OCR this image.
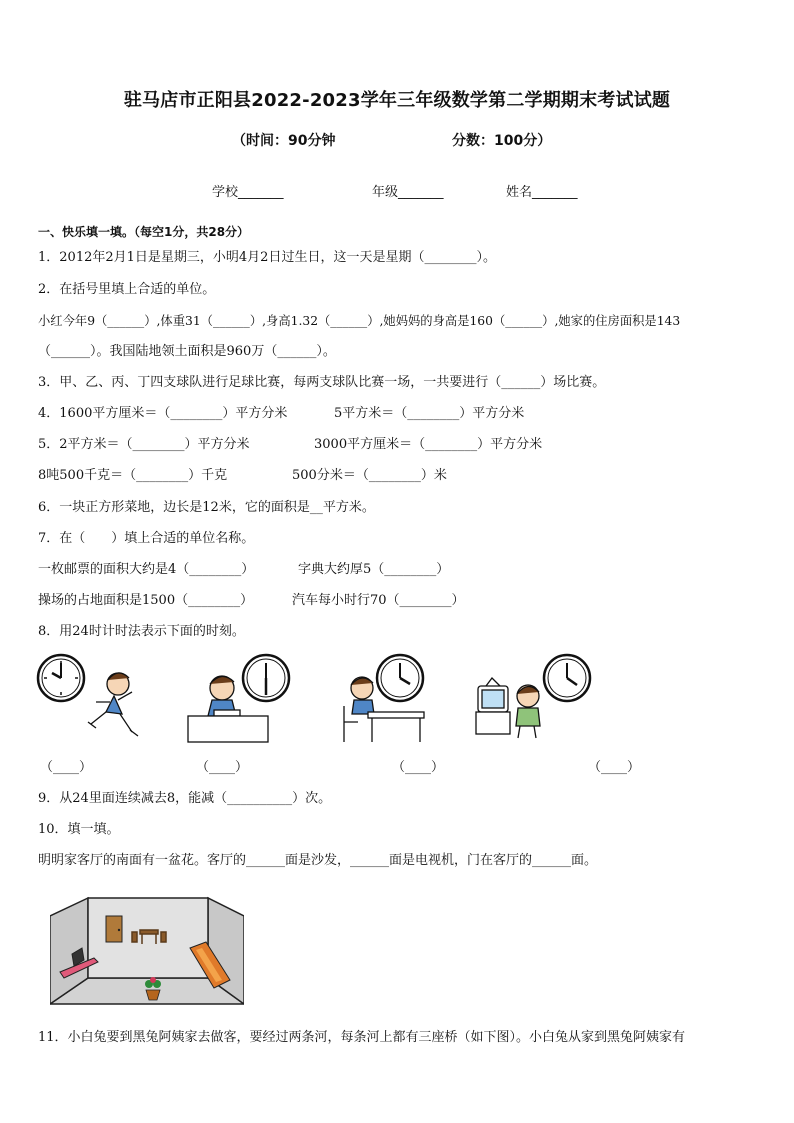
驻马店市正阳县2022-2023学年三年级数学第二学期期末考试试题
（时间：90分钟	分数：100分）
学校_______	年级_______	姓名_______
一、快乐填一填。（每空1分，共28分）
1．2012年2月1日是星期三，小明4月2日过生日，这一天是星期（________）。
2．在括号里填上合适的单位。
小红今年9（______）,体重31（______）,身高1.32（______）,她妈妈的身高是160（______）,她家的住房面积是143
（______）。我国陆地领土面积是960万（______）。
3．甲、乙、丙、丁四支球队进行足球比赛，每两支球队比赛一场，一共要进行（______）场比赛。
4．1600平方厘米＝（________）平方分米	5平方米＝（________）平方分米
5．2平方米＝（________）平方分米	3000平方厘米＝（________）平方分米
8吨500千克＝（________）千克	500分米＝（________）米
6．一块正方形菜地，边长是12米，它的面积是__平方米。
7．在（　　）填上合适的单位名称。
一枚邮票的面积大约是4（________）	字典大约厚5（________）
操场的占地面积是1500（________）	汽车每小时行70（________）
8．用24时计时法表示下面的时刻。
（____）	（____）	（____）	（____）
9．从24里面连续减去8，能减（__________）次。
10．填一填。
明明家客厅的南面有一盆花。客厅的______面是沙发，______面是电视机，门在客厅的______面。
11．小白兔要到黑兔阿姨家去做客，要经过两条河，每条河上都有三座桥（如下图）。小白兔从家到黑兔阿姨家有
